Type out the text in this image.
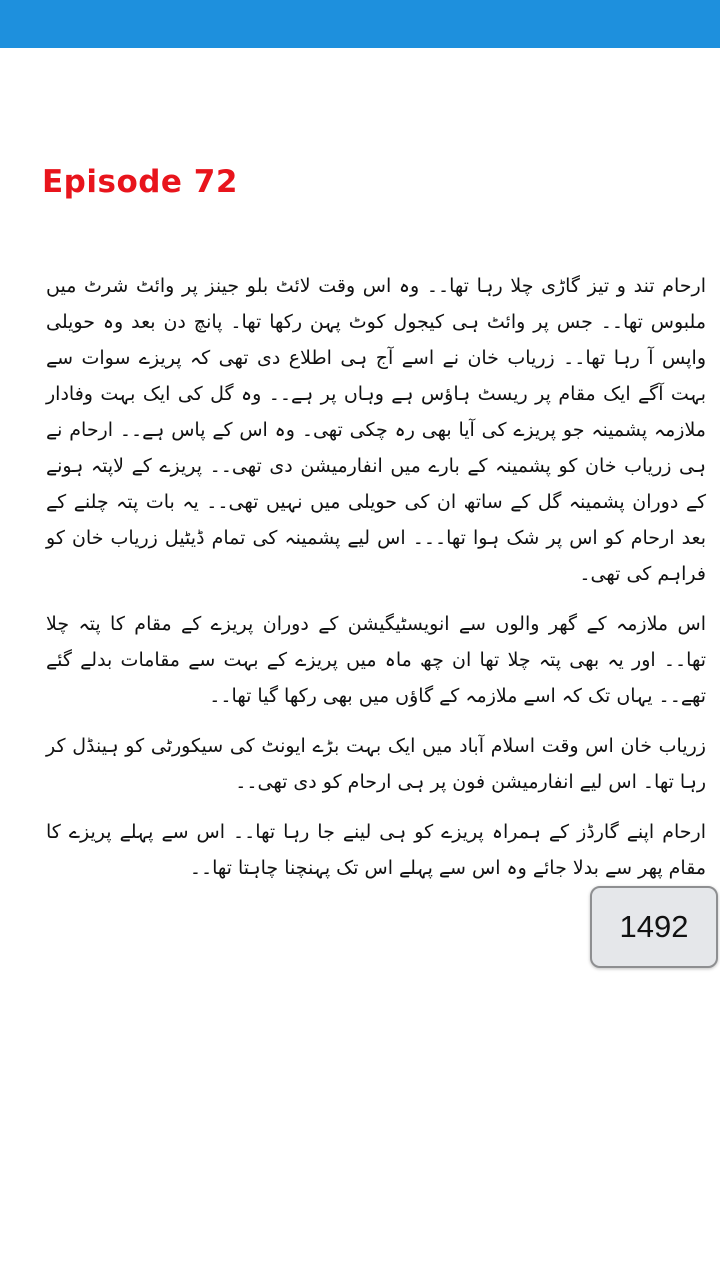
Episode 72

ارحام تند و تیز گاڑی چلا رہا تھا۔۔ وہ اس وقت لائٹ بلو جینز پر وائٹ شرٹ میں ملبوس تھا۔۔ جس پر وائٹ ہی کیجول کوٹ پہن رکھا تھا۔ پانچ دن بعد وہ حویلی واپس آ رہا تھا۔۔ زریاب خان نے اسے آج ہی اطلاع دی تھی کہ پریزے سوات سے بہت آگے ایک مقام پر ریسٹ ہاؤس ہے وہاں پر ہے۔۔ وہ گل کی ایک بہت وفادار ملازمہ پشمینہ جو پریزے کی آیا بھی رہ چکی تھی۔ وہ اس کے پاس ہے۔۔ ارحام نے ہی زریاب خان کو پشمینہ کے بارے میں انفارمیشن دی تھی۔۔ پریزے کے لاپتہ ہونے کے دوران پشمینہ گل کے ساتھ ان کی حویلی میں نہیں تھی۔۔ یہ بات پتہ چلنے کے بعد ارحام کو اس پر شک ہوا تھا۔۔۔ اس لیے پشمینہ کی تمام ڈیٹیل زریاب خان کو فراہم کی تھی۔

اس ملازمہ کے گھر والوں سے انویسٹیگیشن کے دوران پریزے کے مقام کا پتہ چلا تھا۔۔ اور یہ بھی پتہ چلا تھا ان چھ ماہ میں پریزے کے بہت سے مقامات بدلے گئے تھے۔۔ یہاں تک کہ اسے ملازمہ کے گاؤں میں بھی رکھا گیا تھا۔۔

زریاب خان اس وقت اسلام آباد میں ایک بہت بڑے ایونٹ کی سیکورٹی کو ہینڈل کر رہا تھا۔ اس لیے انفارمیشن فون پر ہی ارحام کو دی تھی۔۔

ارحام اپنے گارڈز کے ہمراہ پریزے کو ہی لینے جا رہا تھا۔۔ اس سے پہلے پریزے کا مقام پھر سے بدلا جائے وہ اس سے پہلے اس تک پہنچنا چاہتا تھا۔۔

1492
